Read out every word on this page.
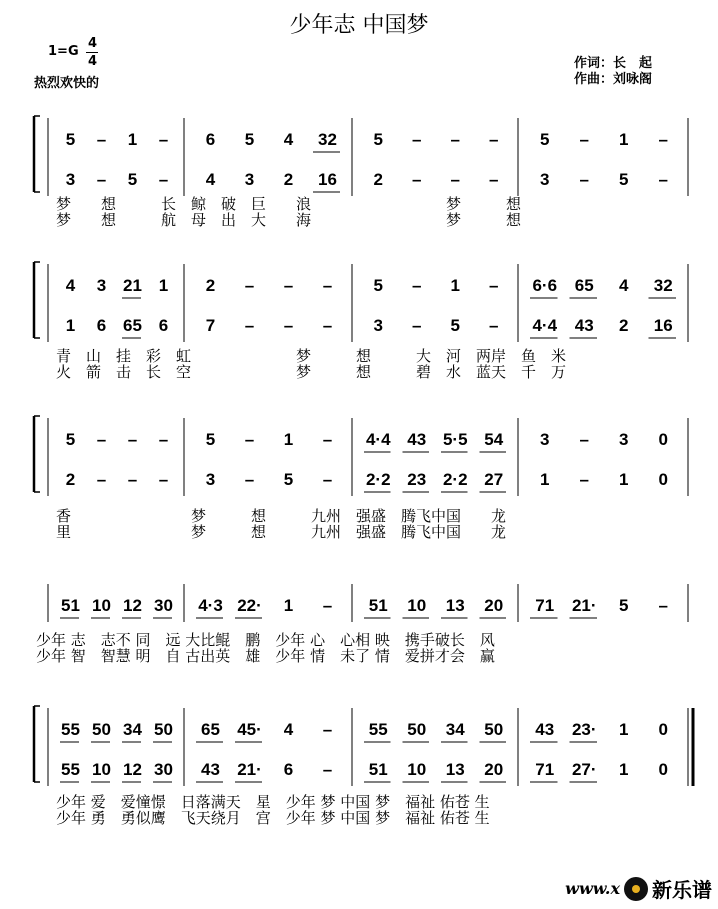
少年志 中国梦
1=G
4
4
热烈欢快的
作词：长　起
作曲：刘咏阁
5	–	1	–	6	5	4	32	5	–	–	–	5	–	1	–
3	–	5	–	4	3	2	16	2	–	–	–	3	–	5	–
梦　　想　　　长　鲸　破　巨　　浪　　　　　　　　　梦　　　想
梦　　想　　　航　母　出　大　　海　　　　　　　　　梦　　　想
4	3 21 1	2	–	–	–	5	–	1	–	6·6	65	4	32
1	6 65 6	7	–	–	–	3	–	5	–	4·4	43	2	16
青　山　挂　彩　虹　　　　　　　梦　　　想　　　大　河　两岸　鱼　米
火　箭　击　长　空　　　　　　　梦　　　想　　　碧　水　蓝天　千　万
5	–	–	–	5	–	1	–	4·4 43 5·5 54	3	–	3	0
2	–	–	–	3	–	5	–	2·2 23 2·2 27	1	–	1	0
香　　　　　　　　梦　　　想　　　九州　强盛　腾飞中国　　龙
里　　　　　　　　梦　　　想　　　九州　强盛　腾飞中国　　龙
51 10 12 30	4·3 22·	1	–	51	10	13	20	71	21·	5	–
少年 志　志不 同　远 大比鲲　鹏　少年 心　心相 映　携手破长　风
少年 智　智慧 明　自 古出英　雄　少年 情　未了 情　爱拼才会　赢
55 50 34 50	65	45·	4	–	55	50	34	50	43	23·	1	0
55 10 12 30	43	21·	6	–	51	10	13	20	71	27·	1	0
少年 爱　爱憧憬　日落满天　星　少年 梦 中国 梦　福祉 佑苍 生
少年 勇　勇似鹰　飞天绕月　宫　少年 梦 中国 梦　福祉 佑苍 生
www.x 新乐谱
